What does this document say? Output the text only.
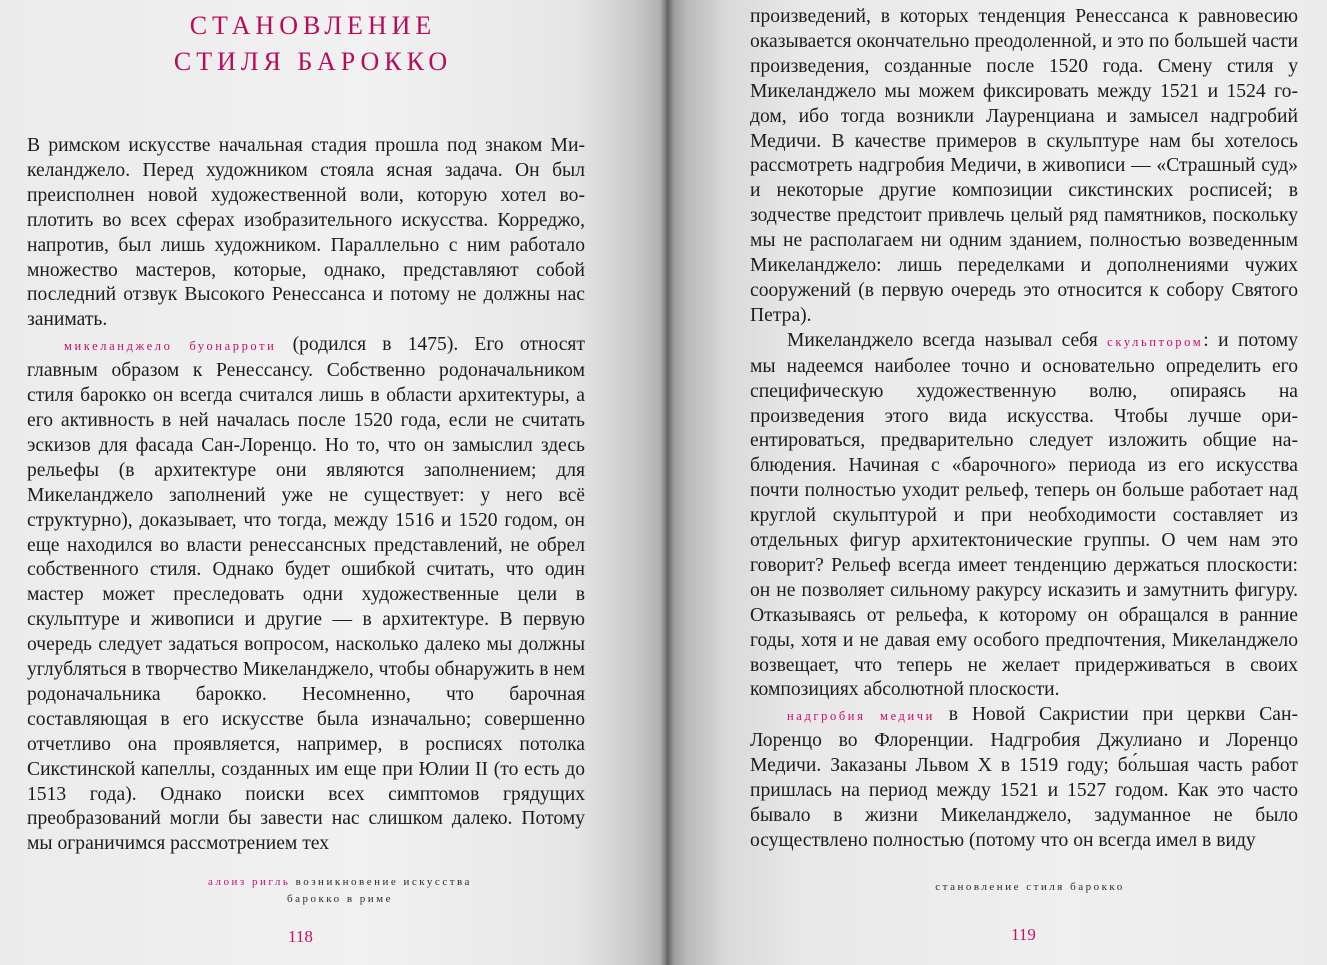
СТАНОВЛЕНИЕ
СТИЛЯ БАРОККО

В римском искусстве начальная стадия прошла под знаком Микеланджело. Перед художником стояла ясная задача. Он был преисполнен новой художественной воли, которую хотел воплотить во всех сферах изобразительного искусства. Корреджо, напротив, был лишь художником. Параллельно с ним работало множество мастеров, которые, однако, представляют собой последний отзвук Высокого Ренессанса и потому не должны нас занимать.

микеланджело буонарроти (родился в 1475). Его относят главным образом к Ренессансу. Собственно родоначальником стиля барокко он всегда считался лишь в области архитектуры, а его активность в ней началась после 1520 года, если не считать эскизов для фасада Сан-Лоренцо. Но то, что он замыслил здесь рельефы (в архитектуре они являются заполнением; для Микеланджело заполнений уже не существует: у него всё структурно), доказывает, что тогда, между 1516 и 1520 годом, он еще находился во власти ренессансных представлений, не обрел собственного стиля. Однако будет ошибкой считать, что один мастер может преследовать одни художественные цели в скульптуре и живописи и другие — в архитектуре. В первую очередь следует задаться вопросом, насколько далеко мы должны углубляться в творчество Микеланджело, чтобы обнаружить в нем родоначальника барокко. Несомненно, что барочная составляющая в его искусстве была изначально; совершенно отчетливо она проявляется, например, в росписях потолка Сикстинской капеллы, созданных им еще при Юлии II (то есть до 1513 года). Однако поиски всех симптомов грядущих преобразований могли бы завести нас слишком далеко. Потому мы ограничимся рассмотрением тех

алоиз ригль возникновение искусства
барокко в риме
118

произведений, в которых тенденция Ренессанса к равновесию оказывается окончательно преодоленной, и это по большей части произведения, созданные после 1520 года. Смену стиля у Микеланджело мы можем фиксировать между 1521 и 1524 годом, ибо тогда возникли Лауренциана и замысел надгробий Медичи. В качестве примеров в скульптуре нам бы хотелось рассмотреть надгробия Медичи, в живописи — «Страшный суд» и некоторые другие композиции сикстинских росписей; в зодчестве предстоит привлечь целый ряд памятников, поскольку мы не располагаем ни одним зданием, полностью возведенным Микеланджело: лишь переделками и дополнениями чужих сооружений (в первую очередь это относится к собору Святого Петра).

Микеланджело всегда называл себя скульптором: и потому мы надеемся наиболее точно и основательно определить его специфическую художественную волю, опираясь на произведения этого вида искусства. Чтобы лучше ориентироваться, предварительно следует изложить общие наблюдения. Начиная с «барочного» периода из его искусства почти полностью уходит рельеф, теперь он больше работает над круглой скульптурой и при необходимости составляет из отдельных фигур архитектонические группы. О чем нам это говорит? Рельеф всегда имеет тенденцию держаться плоскости: он не позволяет сильному ракурсу исказить и замутнить фигуру. Отказываясь от рельефа, к которому он обращался в ранние годы, хотя и не давая ему особого предпочтения, Микеланджело возвещает, что теперь не желает придерживаться в своих композициях абсолютной плоскости.

надгробия медичи в Новой Сакристии при церкви Сан-Лоренцо во Флоренции. Надгробия Джулиано и Лоренцо Медичи. Заказаны Львом X в 1519 году; бо́льшая часть работ пришлась на период между 1521 и 1527 годом. Как это часто бывало в жизни Микеланджело, задуманное не было осуществлено полностью (потому что он всегда имел в виду

становление стиля барокко
119
